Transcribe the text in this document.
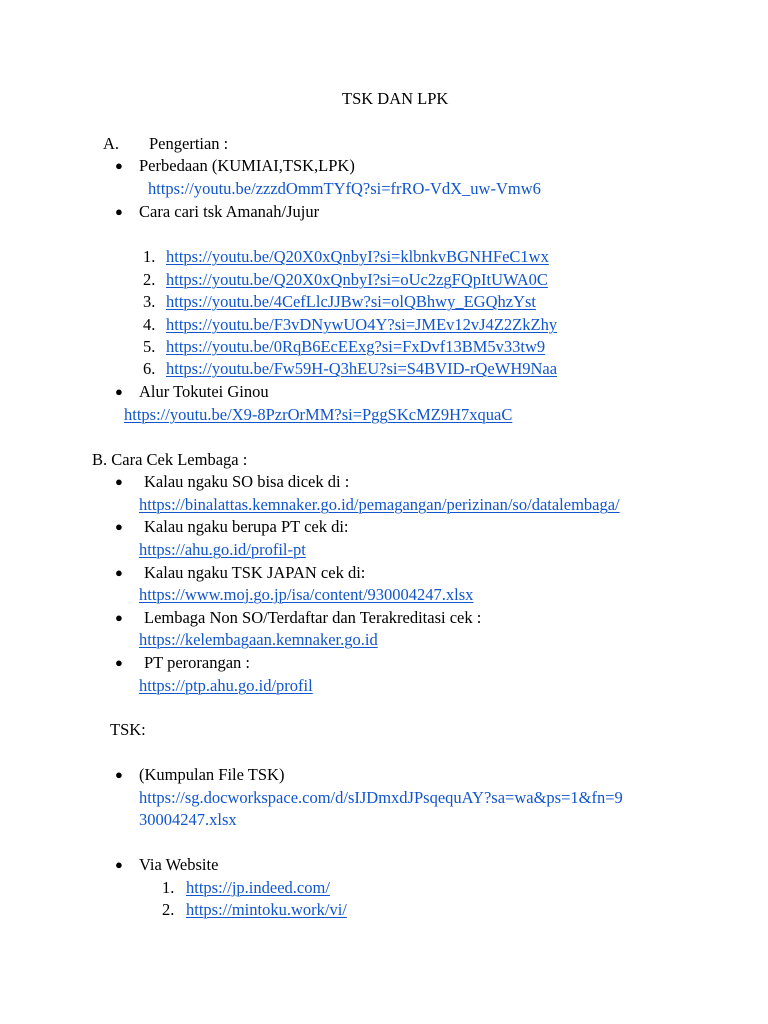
TSK DAN LPK
A. Pengertian :
● Perbedaan (KUMIAI,TSK,LPK)
https://youtu.be/zzzdOmmTYfQ?si=frRO-VdX_uw-Vmw6
● Cara cari tsk Amanah/Jujur
1. https://youtu.be/Q20X0xQnbyI?si=klbnkvBGNHFeC1wx
2. https://youtu.be/Q20X0xQnbyI?si=oUc2zgFQpItUWA0C
3. https://youtu.be/4CefLlcJJBw?si=olQBhwy_EGQhzYst
4. https://youtu.be/F3vDNywUO4Y?si=JMEv12vJ4Z2ZkZhy
5. https://youtu.be/0RqB6EcEExg?si=FxDvf13BM5v33tw9
6. https://youtu.be/Fw59H-Q3hEU?si=S4BVID-rQeWH9Naa
● Alur Tokutei Ginou
https://youtu.be/X9-8PzrOrMM?si=PggSKcMZ9H7xquaC
B. Cara Cek Lembaga :
● Kalau ngaku SO bisa dicek di :
https://binalattas.kemnaker.go.id/pemagangan/perizinan/so/datalembaga/
● Kalau ngaku berupa PT cek di:
https://ahu.go.id/profil-pt
● Kalau ngaku TSK JAPAN cek di:
https://www.moj.go.jp/isa/content/930004247.xlsx
● Lembaga Non SO/Terdaftar dan Terakreditasi cek :
https://kelembagaan.kemnaker.go.id
● PT perorangan :
https://ptp.ahu.go.id/profil
TSK:
● (Kumpulan File TSK)
https://sg.docworkspace.com/d/sIJDmxdJPsqequAY?sa=wa&ps=1&fn=9
30004247.xlsx
● Via Website
1. https://jp.indeed.com/
2. https://mintoku.work/vi/
